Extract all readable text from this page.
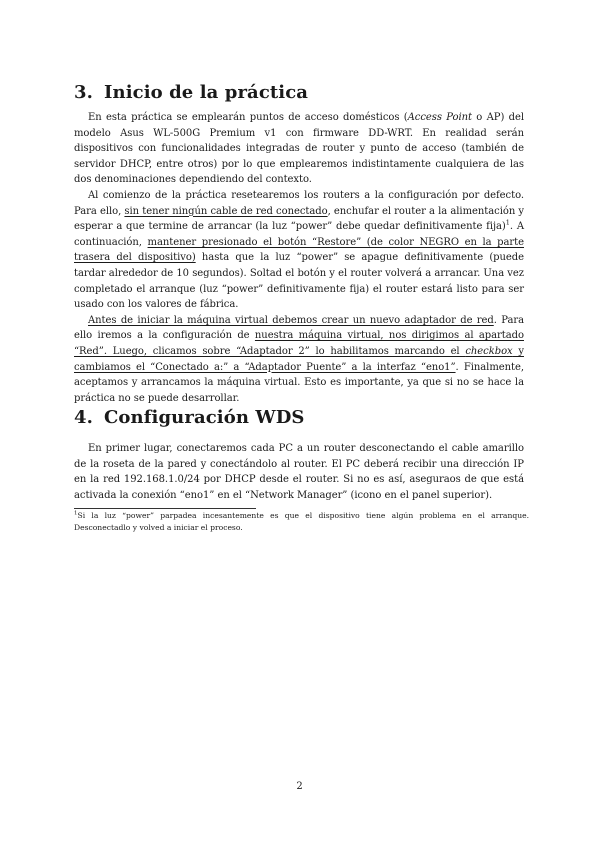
3. Inicio de la práctica

En esta práctica se emplearán puntos de acceso domésticos (Access Point o AP) del modelo Asus WL-500G Premium v1 con firmware DD-WRT. En realidad serán dispositivos con funcionalidades integradas de router y punto de acceso (también de servidor DHCP, entre otros) por lo que emplearemos indistintamente cualquiera de las dos denominaciones dependiendo del contexto.

Al comienzo de la práctica resetearemos los routers a la configuración por defecto. Para ello, sin tener ningún cable de red conectado, enchufar el router a la alimentación y esperar a que termine de arrancar (la luz “power” debe quedar definitivamente fija)$^1$. A continuación, mantener presionado el botón “Restore” (de color NEGRO en la parte trasera del dispositivo) hasta que la luz “power” se apague definitivamente (puede tardar alrededor de 10 segundos). Soltad el botón y el router volverá a arrancar. Una vez completado el arranque (luz “power” definitivamente fija) el router estará listo para ser usado con los valores de fábrica.

Antes de iniciar la máquina virtual debemos crear un nuevo adaptador de red. Para ello iremos a la configuración de nuestra máquina virtual, nos dirigimos al apartado “Red”. Luego, clicamos sobre “Adaptador 2” lo habilitamos marcando el checkbox y cambiamos el “Conectado a:” a “Adaptador Puente” a la interfaz “eno1”. Finalmente, aceptamos y arrancamos la máquina virtual. Esto es importante, ya que si no se hace la práctica no se puede desarrollar.

4. Configuración WDS

En primer lugar, conectaremos cada PC a un router desconectando el cable amarillo de la roseta de la pared y conectándolo al router. El PC deberá recibir una dirección IP en la red 192.168.1.0/24 por DHCP desde el router. Si no es así, aseguraos de que está activada la conexión “eno1” en el “Network Manager” (icono en el panel superior).

$^1$Si la luz “power” parpadea incesantemente es que el dispositivo tiene algún problema en el arranque. Desconectadlo y volved a iniciar el proceso.

2
